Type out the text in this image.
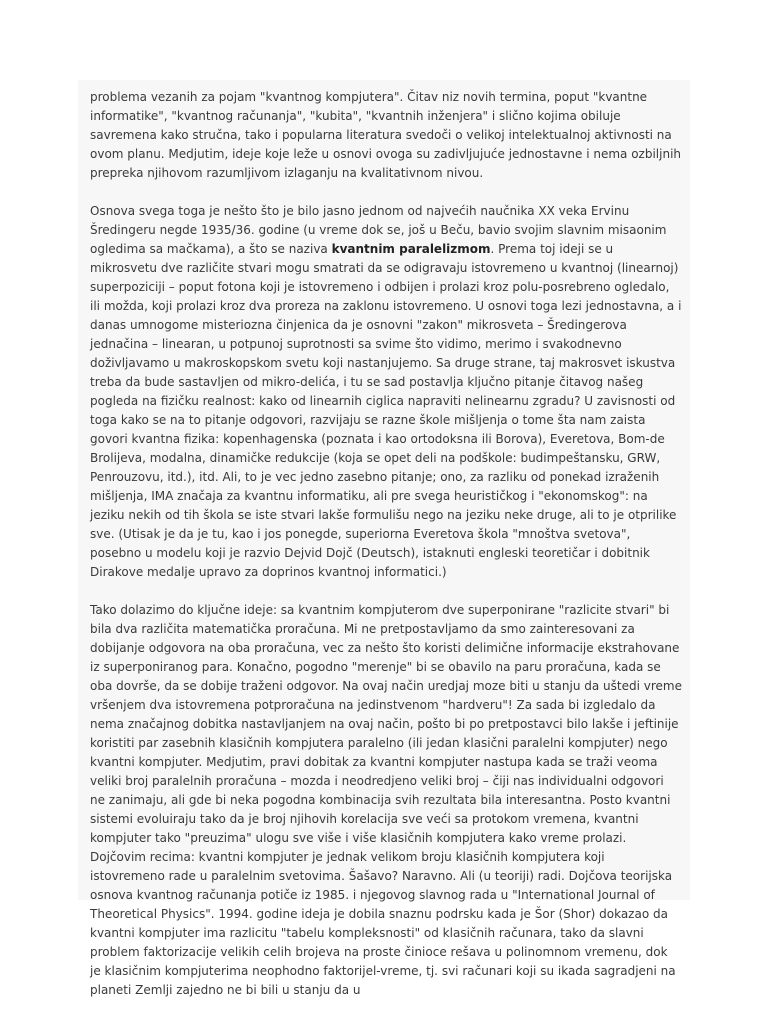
problema vezanih za pojam "kvantnog kompjutera". Čitav niz novih termina, poput "kvantne informatike", "kvantnog računanja", "kubita", "kvantnih inženjera" i slično kojima obiluje savremena kako stručna, tako i popularna literatura svedoči o velikoj intelektualnoj aktivnosti na ovom planu. Medjutim, ideje koje leže u osnovi ovoga su zadivljujuće jednostavne i nema ozbiljnih prepreka njihovom razumljivom izlaganju na kvalitativnom nivou.

Osnova svega toga je nešto što je bilo jasno jednom od najvećih naučnika XX veka Ervinu Šredingeru negde 1935/36. godine (u vreme dok se, još u Beču, bavio svojim slavnim misaonim ogledima sa mačkama), a što se naziva kvantnim paralelizmom. Prema toj ideji se u mikrosvetu dve različite stvari mogu smatrati da se odigravaju istovremeno u kvantnoj (linearnoj) superpoziciji – poput fotona koji je istovremeno i odbijen i prolazi kroz polu-posrebreno ogledalo, ili možda, koji prolazi kroz dva proreza na zaklonu istovremeno. U osnovi toga lezi jednostavna, a i danas umnogome misteriozna činjenica da je osnovni "zakon" mikrosveta – Šredingerova jednačina – linearan, u potpunoj suprotnosti sa svime što vidimo, merimo i svakodnevno doživljavamo u makroskopskom svetu koji nastanjujemo. Sa druge strane, taj makrosvet iskustva treba da bude sastavljen od mikro-delića, i tu se sad postavlja ključno pitanje čitavog našeg pogleda na fizičku realnost: kako od linearnih ciglica napraviti nelinearnu zgradu? U zavisnosti od toga kako se na to pitanje odgovori, razvijaju se razne škole mišljenja o tome šta nam zaista govori kvantna fizika: kopenhagenska (poznata i kao ortodoksna ili Borova), Everetova, Bom-de Brolijeva, modalna, dinamičke redukcije (koja se opet deli na podškole: budimpeštansku, GRW, Penrouzovu, itd.), itd. Ali, to je vec jedno zasebno pitanje; ono, za razliku od ponekad izraženih mišljenja, IMA značaja za kvantnu informatiku, ali pre svega heurističkog i "ekonomskog": na jeziku nekih od tih škola se iste stvari lakše formulišu nego na jeziku neke druge, ali to je otprilike sve. (Utisak je da je tu, kao i jos ponegde, superiorna Everetova škola "mnoštva svetova", posebno u modelu koji je razvio Dejvid Dojč (Deutsch), istaknuti engleski teoretičar i dobitnik Dirakove medalje upravo za doprinos kvantnoj informatici.)

Tako dolazimo do ključne ideje: sa kvantnim kompjuterom dve superponirane "razlicite stvari" bi bila dva različita matematička proračuna. Mi ne pretpostavljamo da smo zainteresovani za dobijanje odgovora na oba proračuna, vec za nešto što koristi delimične informacije ekstrahovane iz superponiranog para. Konačno, pogodno "merenje" bi se obavilo na paru proračuna, kada se oba dovrše, da se dobije traženi odgovor. Na ovaj način uredjaj moze biti u stanju da uštedi vreme vršenjem dva istovremena potproračuna na jedinstvenom "hardveru"! Za sada bi izgledalo da nema značajnog dobitka nastavljanjem na ovaj način, pošto bi po pretpostavci bilo lakše i jeftinije koristiti par zasebnih klasičnih kompjutera paralelno (ili jedan klasični paralelni kompjuter) nego kvantni kompjuter. Medjutim, pravi dobitak za kvantni kompjuter nastupa kada se traži veoma veliki broj paralelnih proračuna – mozda i neodredjeno veliki broj – čiji nas individualni odgovori ne zanimaju, ali gde bi neka pogodna kombinacija svih rezultata bila interesantna. Posto kvantni sistemi evoluiraju tako da je broj njihovih korelacija sve veći sa protokom vremena, kvantni kompjuter tako "preuzima" ulogu sve više i više klasičnih kompjutera kako vreme prolazi. Dojčovim recima: kvantni kompjuter je jednak velikom broju klasičnih kompjutera koji istovremeno rade u paralelnim svetovima. Šašavo? Naravno. Ali (u teoriji) radi. Dojčova teorijska osnova kvantnog računanja potiče iz 1985. i njegovog slavnog rada u "International Journal of Theoretical Physics". 1994. godine ideja je dobila snaznu podrsku kada je Šor (Shor) dokazao da kvantni kompjuter ima razlicitu "tabelu kompleksnosti" od klasičnih računara, tako da slavni problem faktorizacije velikih celih brojeva na proste činioce rešava u polinomnom vremenu, dok je klasičnim kompjuterima neophodno faktorijel-vreme, tj. svi računari koji su ikada sagradjeni na planeti Zemlji zajedno ne bi bili u stanju da u
